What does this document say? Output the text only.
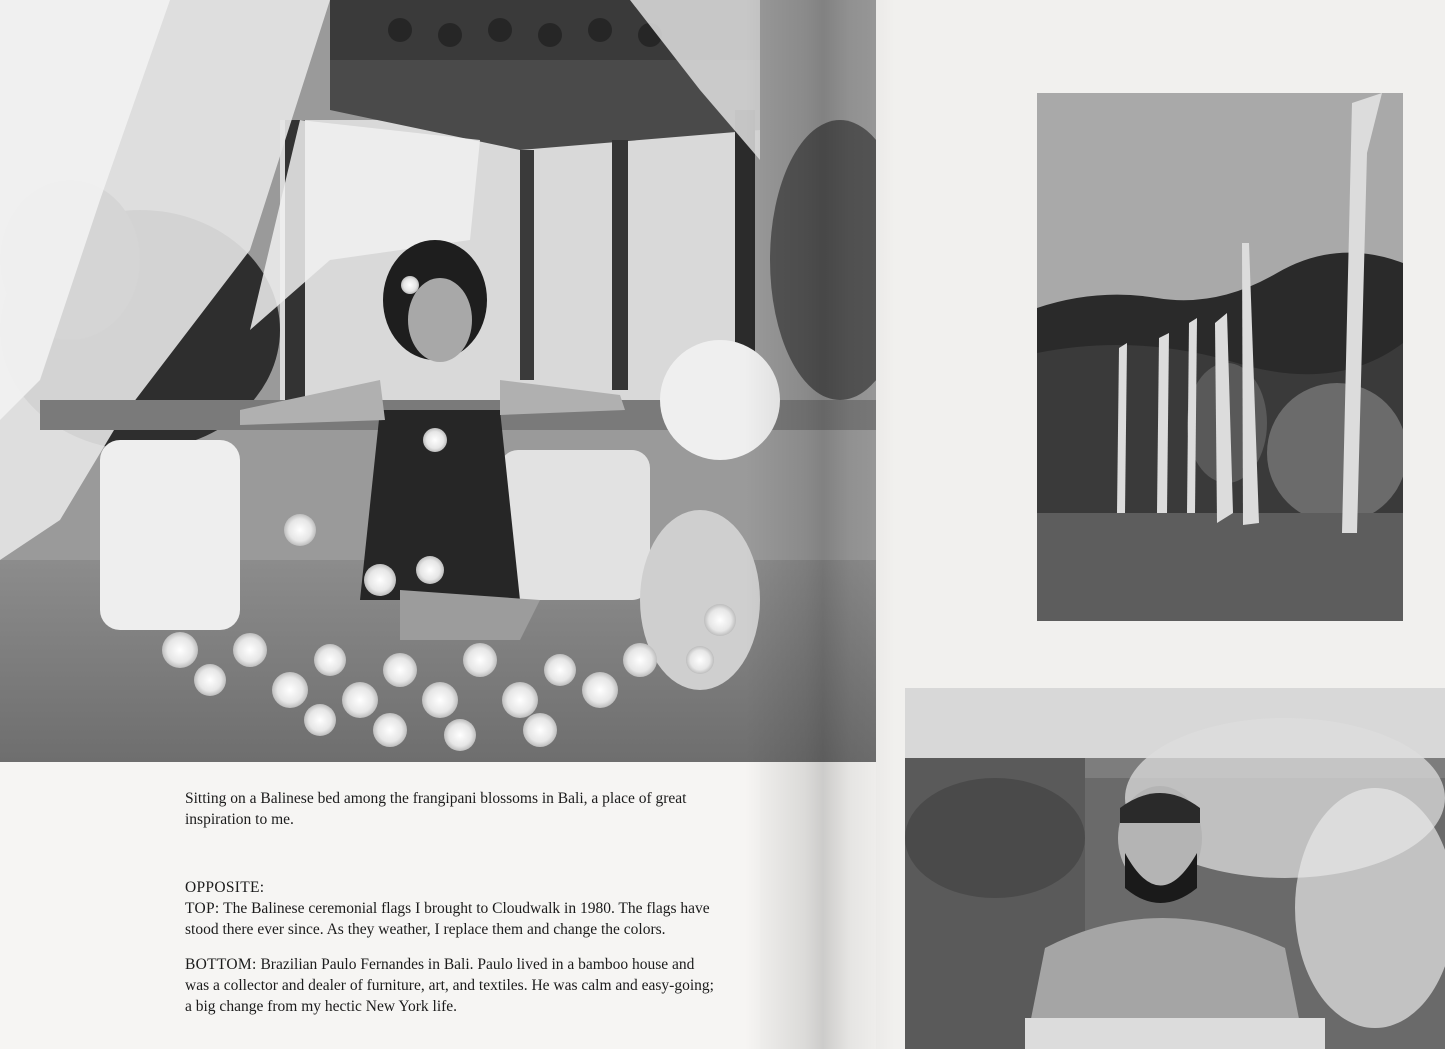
Sitting on a Balinese bed among the frangipani blossoms in Bali, a place of great inspiration to me.

OPPOSITE:

TOP: The Balinese ceremonial flags I brought to Cloudwalk in 1980. The flags have stood there ever since. As they weather, I replace them and change the colors.

BOTTOM: Brazilian Paulo Fernandes in Bali. Paulo lived in a bamboo house and was a collector and dealer of furniture, art, and textiles. He was calm and easy-going; a big change from my hectic New York life.
